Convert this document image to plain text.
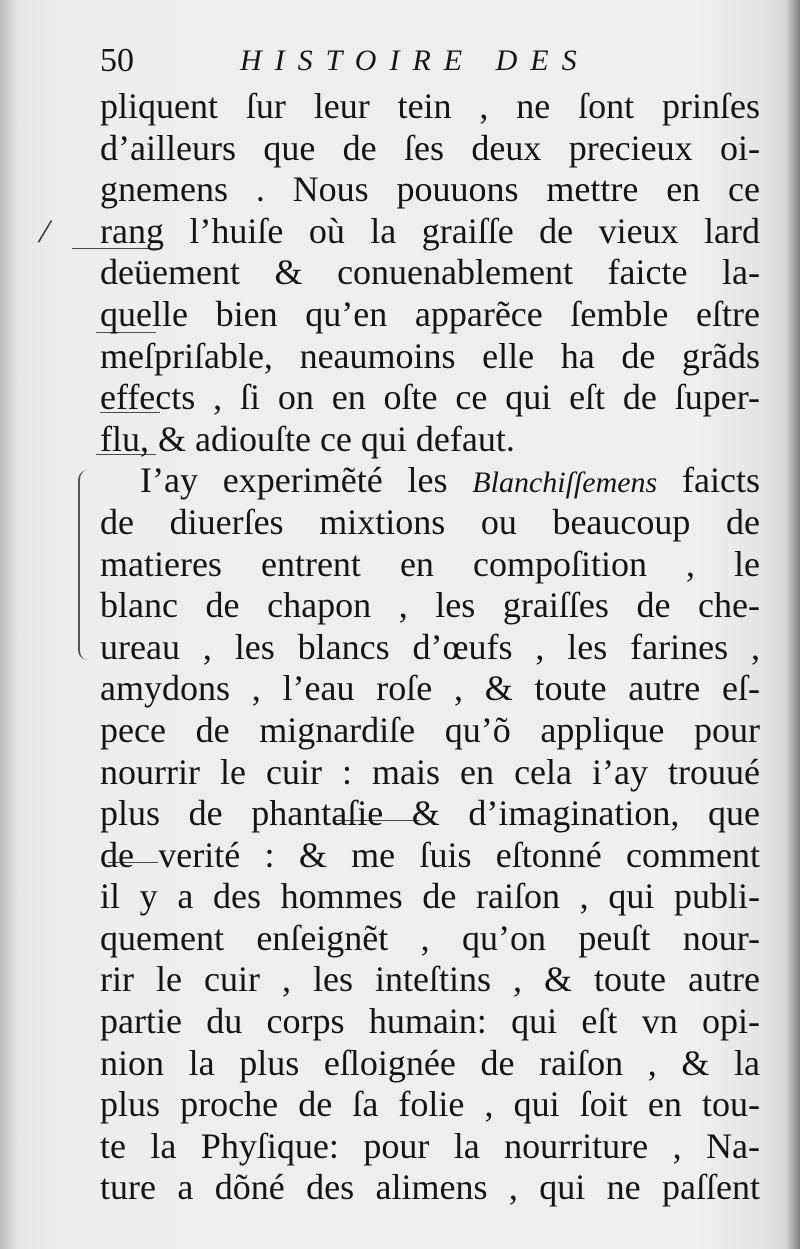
50	HISTOIRE DES
/
pliquent ſur leur tein , ne ſont prinſes
d’ailleurs que de ſes deux precieux oi-
gnemens . Nous pouuons mettre en ce
rang l’huiſe où la graiſſe de vieux lard
deüement & conuenablement faicte la-
quelle bien qu’en apparẽce ſemble eſtre
meſpriſable, neaumoins elle ha de grãds
effects , ſi on en oſte ce qui eſt de ſuper-
flu, & adiouſte ce qui defaut.
I’ay experimẽté les Blanchiſſemens faicts
de diuerſes mixtions ou beaucoup de
matieres entrent en compoſition , le
blanc de chapon , les graiſſes de che-
ureau , les blancs d’œufs , les farines ,
amydons , l’eau roſe , & toute autre eſ-
pece de mignardiſe qu’õ applique pour
nourrir le cuir : mais en cela i’ay trouué
plus de phantaſie & d’imagination, que
de verité : & me ſuis eſtonné comment
il y a des hommes de raiſon , qui publi-
quement enſeignẽt , qu’on peuſt nour-
rir le cuir , les inteſtins , & toute autre
partie du corps humain: qui eſt vn opi-
nion la plus eſloignée de raiſon , & la
plus proche de ſa folie , qui ſoit en tou-
te la Phyſique: pour la nourriture , Na-
ture a dõné des alimens , qui ne paſſent
